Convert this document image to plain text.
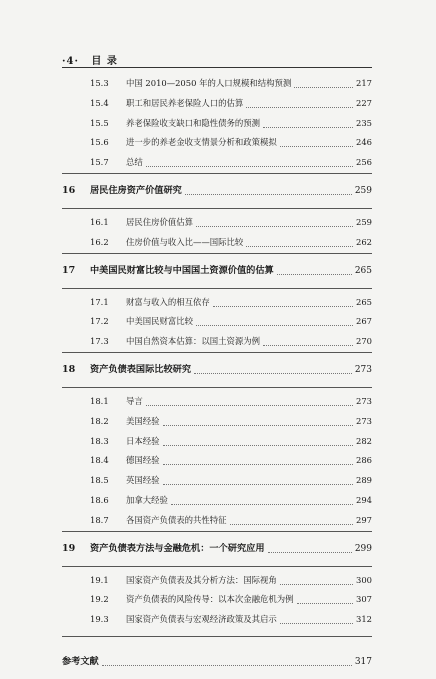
·4· 目 录
15.3 中国 2010—2050 年的人口规模和结构预测	217
15.4 职工和居民养老保险人口的估算	227
15.5 养老保险收支缺口和隐性债务的预测	235
15.6 进一步的养老金收支情景分析和政策模拟	246
15.7 总结	256
16 居民住房资产价值研究	259
16.1 居民住房价值估算	259
16.2 住房价值与收入比——国际比较	262
17 中美国民财富比较与中国国土资源价值的估算	265
17.1 财富与收入的相互依存	265
17.2 中美国民财富比较	267
17.3 中国自然资本估算：以国土资源为例	270
18 资产负债表国际比较研究	273
18.1 导言	273
18.2 美国经验	273
18.3 日本经验	282
18.4 德国经验	286
18.5 英国经验	289
18.6 加拿大经验	294
18.7 各国资产负债表的共性特征	297
19 资产负债表方法与金融危机：一个研究应用	299
19.1 国家资产负债表及其分析方法：国际视角	300
19.2 资产负债表的风险传导：以本次金融危机为例	307
19.3 国家资产负债表与宏观经济政策及其启示	312
参考文献	317
